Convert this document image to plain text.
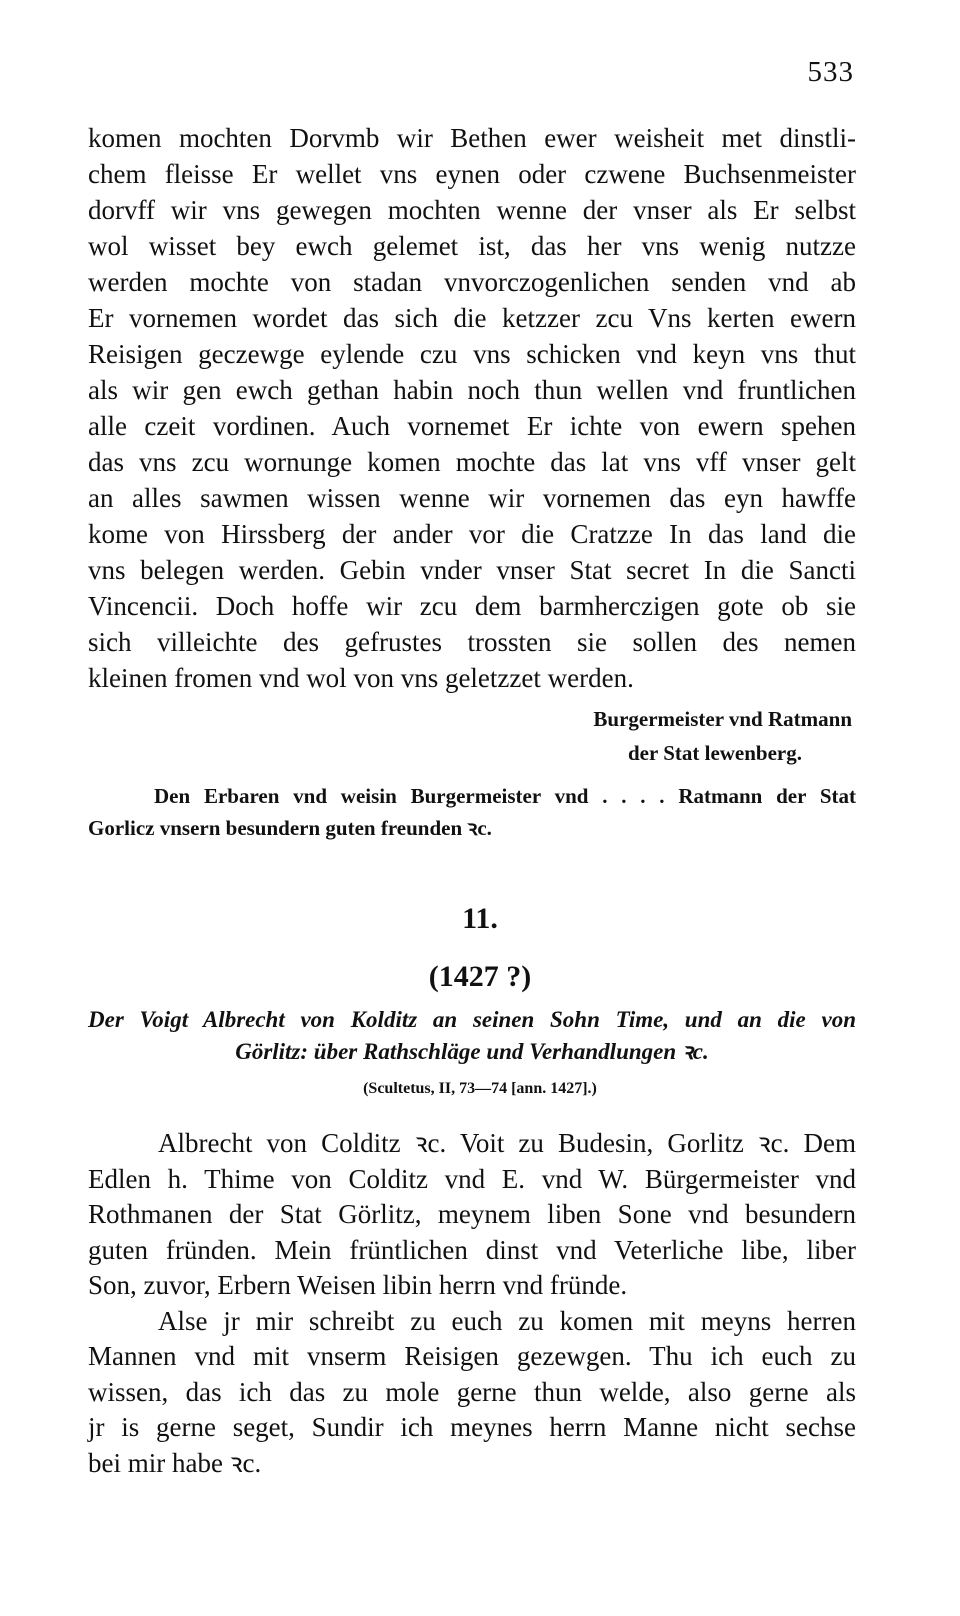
533
komen mochten Dorvmb wir Bethen ewer weisheit met dinstli-
chem fleisse Er wellet vns eynen oder czwene Buchsenmeister
dorvff wir vns gewegen mochten wenne der vnser als Er selbst
wol wisset bey ewch gelemet ist, das her vns wenig nutzze
werden mochte von stadan vnvorczogenlichen senden vnd ab
Er vornemen wordet das sich die ketzzer zcu Vns kerten ewern
Reisigen geczewge eylende czu vns schicken vnd keyn vns thut
als wir gen ewch gethan habin noch thun wellen vnd fruntlichen
alle czeit vordinen. Auch vornemet Er ichte von ewern spehen
das vns zcu wornunge komen mochte das lat vns vff vnser gelt
an alles sawmen wissen wenne wir vornemen das eyn hawffe
kome von Hirssberg der ander vor die Cratzze In das land die
vns belegen werden. Gebin vnder vnser Stat secret In die Sancti
Vincencii. Doch hoffe wir zcu dem barmherczigen gote ob sie
sich villeichte des gefrustes trossten sie sollen des nemen
kleinen fromen vnd wol von vns geletzzet werden.
Burgermeister vnd Ratmann
der Stat lewenberg.
Den Erbaren vnd weisin Burgermeister vnd . . . . Ratmann der Stat
Gorlicz vnsern besundern guten freunden ꝛc.
11.
(1427 ?)
Der Voigt Albrecht von Kolditz an seinen Sohn Time, und an die von
Görlitz: über Rathschläge und Verhandlungen ꝛc.
(Scultetus, II, 73—74 [ann. 1427].)
Albrecht von Colditz ꝛc. Voit zu Budesin, Gorlitz ꝛc. Dem
Edlen h. Thime von Colditz vnd E. vnd W. Bürgermeister vnd
Rothmanen der Stat Görlitz, meynem liben Sone vnd besundern
guten fründen. Mein früntlichen dinst vnd Veterliche libe, liber
Son, zuvor, Erbern Weisen libin herrn vnd fründe.
Alse jr mir schreibt zu euch zu komen mit meyns herren
Mannen vnd mit vnserm Reisigen gezewgen. Thu ich euch zu
wissen, das ich das zu mole gerne thun welde, also gerne als
jr is gerne seget, Sundir ich meynes herrn Manne nicht sechse
bei mir habe ꝛc.
